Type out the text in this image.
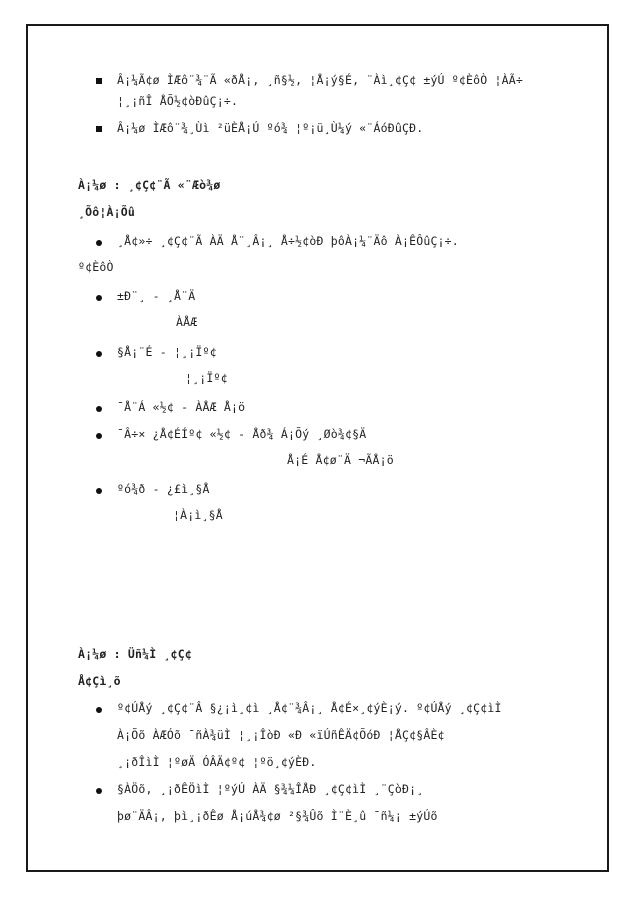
Â¡¼Ã¢ø ÌÆô¨¾¨Ã «ðÅ¡, ¸ñ§½, ¦Å¡ý§É, ¨Àì¸¢Ç¢ ±ýÚ º¢ÈôÒ ¦ÀÃ÷
¦¸¡ñÎ ÅÕ½¢òÐûÇ¡÷.
Â¡¼ø ÌÆô¨¾¸Ùì ²üÈÅ¡Ú ºó¾ ¦º¡ü¸Ù¼ý «¨ÁóÐûÇÐ.
À¡¼ø : ¸¢Ç¢¨Ã «¨Æò¾ø
¸Õô¦À¡Õû
¸Å¢»÷ ¸¢Ç¢¨Ã ÀÄ Å¨¸Â¡¸ Å÷½¢òÐ þôÀ¡¼¨Äô À¡ÊÔûÇ¡÷.
º¢ÈôÒ
±Ð¨¸ - ¸Å¨Ä
ÀÅÆ
§Å¡¨É - ¦¸¡Ïº¢
¦¸¡Ïº¢
¯Å¨Á «½¢ - ÀÅÆ Å¡ö
¯Â÷× ¿Å¢ÉÍº¢ «½¢ - Åð¾ Á¡Õý ¸Øò¾¢§Ä
Å¡É Å¢ø¨Ä ¬ÃÅ¡ö
ºó¾ð - ¿£ì¸§Å
¦À¡ì¸§Å
À¡¼ø : Üñ¼Ì ¸¢Ç¢
Å¢Çì¸õ
º¢ÚÅý ¸¢Ç¢¨Â §¿¡ì¸¢ì ¸Å¢¨¾Â¡¸ Å¢É×¸¢ýÈ¡ý. º¢ÚÅý ¸¢Ç¢ìÌ
À¡Õõ ÀÆÓõ ¯ñÀ¾üÌ ¦¸¡ÎòÐ «Ð «ïÚñÊÄ¢ÕóÐ ¦ÅÇ¢§ÂÈ¢
¸¡ðÎìÌ ¦ºøÄ ÓÂÄ¢º¢ ¦ºö¸¢ýÈÐ.
§ÀÖõ, ¸¡ðÊÖìÌ ¦ºýÚ ÀÄ §¾¼ÎÅÐ ¸¢Ç¢ìÌ ¸¨ÇòÐ¡¸
þø¨ÄÂ¡, þì¸¡ðÊø Å¡úÅ¾¢ø ²§¾Ûõ Ì¨È¸û ¯ñ¼¡ ±ýÚõ
